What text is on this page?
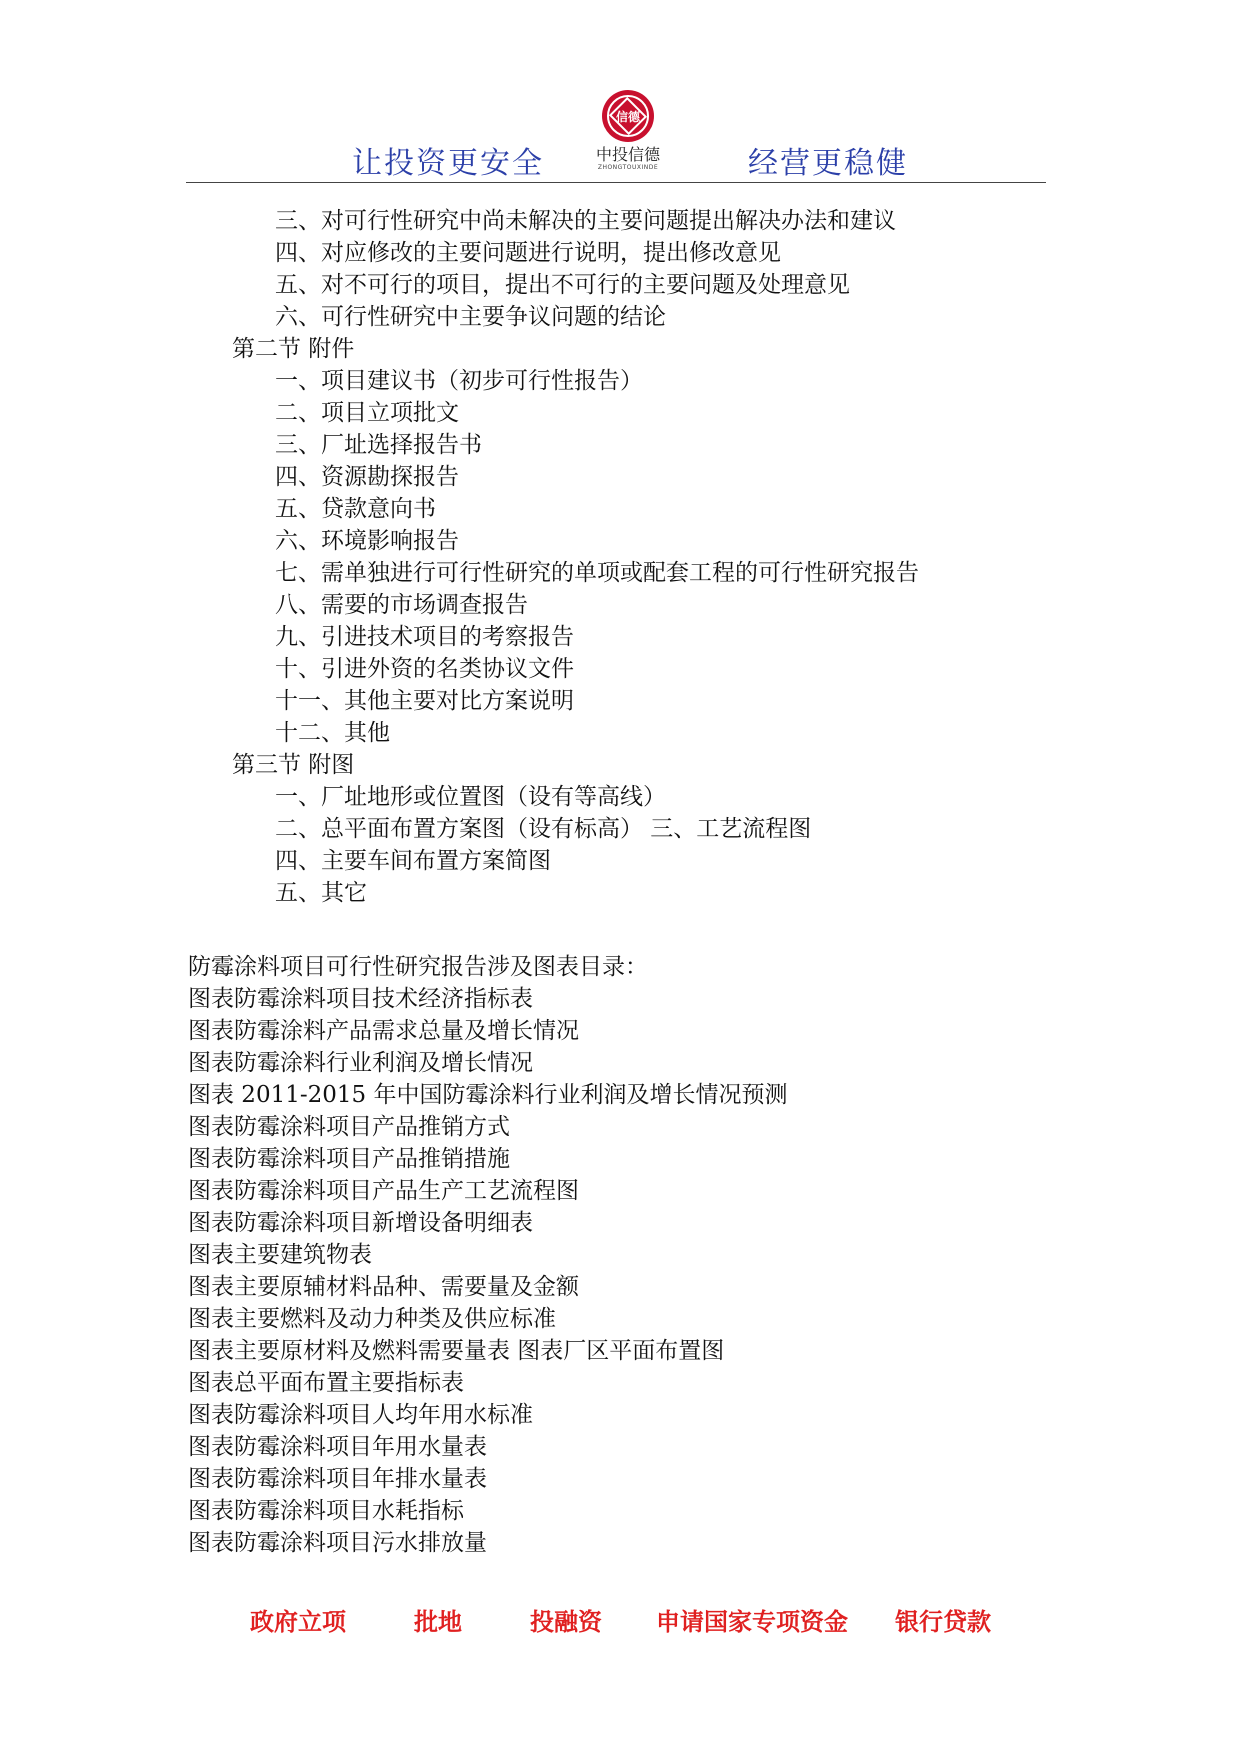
让投资更安全
信德
中投信德
ZHONGTOUXINDE	经营更稳健
三、对可行性研究中尚未解决的主要问题提出解决办法和建议
四、对应修改的主要问题进行说明，提出修改意见
五、对不可行的项目，提出不可行的主要问题及处理意见
六、可行性研究中主要争议问题的结论
第二节 附件
一、项目建议书（初步可行性报告）
二、项目立项批文
三、厂址选择报告书
四、资源勘探报告
五、贷款意向书
六、环境影响报告
七、需单独进行可行性研究的单项或配套工程的可行性研究报告
八、需要的市场调查报告
九、引进技术项目的考察报告
十、引进外资的名类协议文件
十一、其他主要对比方案说明
十二、其他
第三节 附图
一、厂址地形或位置图（设有等高线）
二、总平面布置方案图（设有标高） 三、工艺流程图
四、主要车间布置方案简图
五、其它
防霉涂料项目可行性研究报告涉及图表目录：
图表防霉涂料项目技术经济指标表
图表防霉涂料产品需求总量及增长情况
图表防霉涂料行业利润及增长情况
图表 2011-2015 年中国防霉涂料行业利润及增长情况预测
图表防霉涂料项目产品推销方式
图表防霉涂料项目产品推销措施
图表防霉涂料项目产品生产工艺流程图
图表防霉涂料项目新增设备明细表
图表主要建筑物表
图表主要原辅材料品种、需要量及金额
图表主要燃料及动力种类及供应标准
图表主要原材料及燃料需要量表 图表厂区平面布置图
图表总平面布置主要指标表
图表防霉涂料项目人均年用水标准
图表防霉涂料项目年用水量表
图表防霉涂料项目年排水量表
图表防霉涂料项目水耗指标
图表防霉涂料项目污水排放量
政府立项	批地	投融资 申请国家专项资金 银行贷款
